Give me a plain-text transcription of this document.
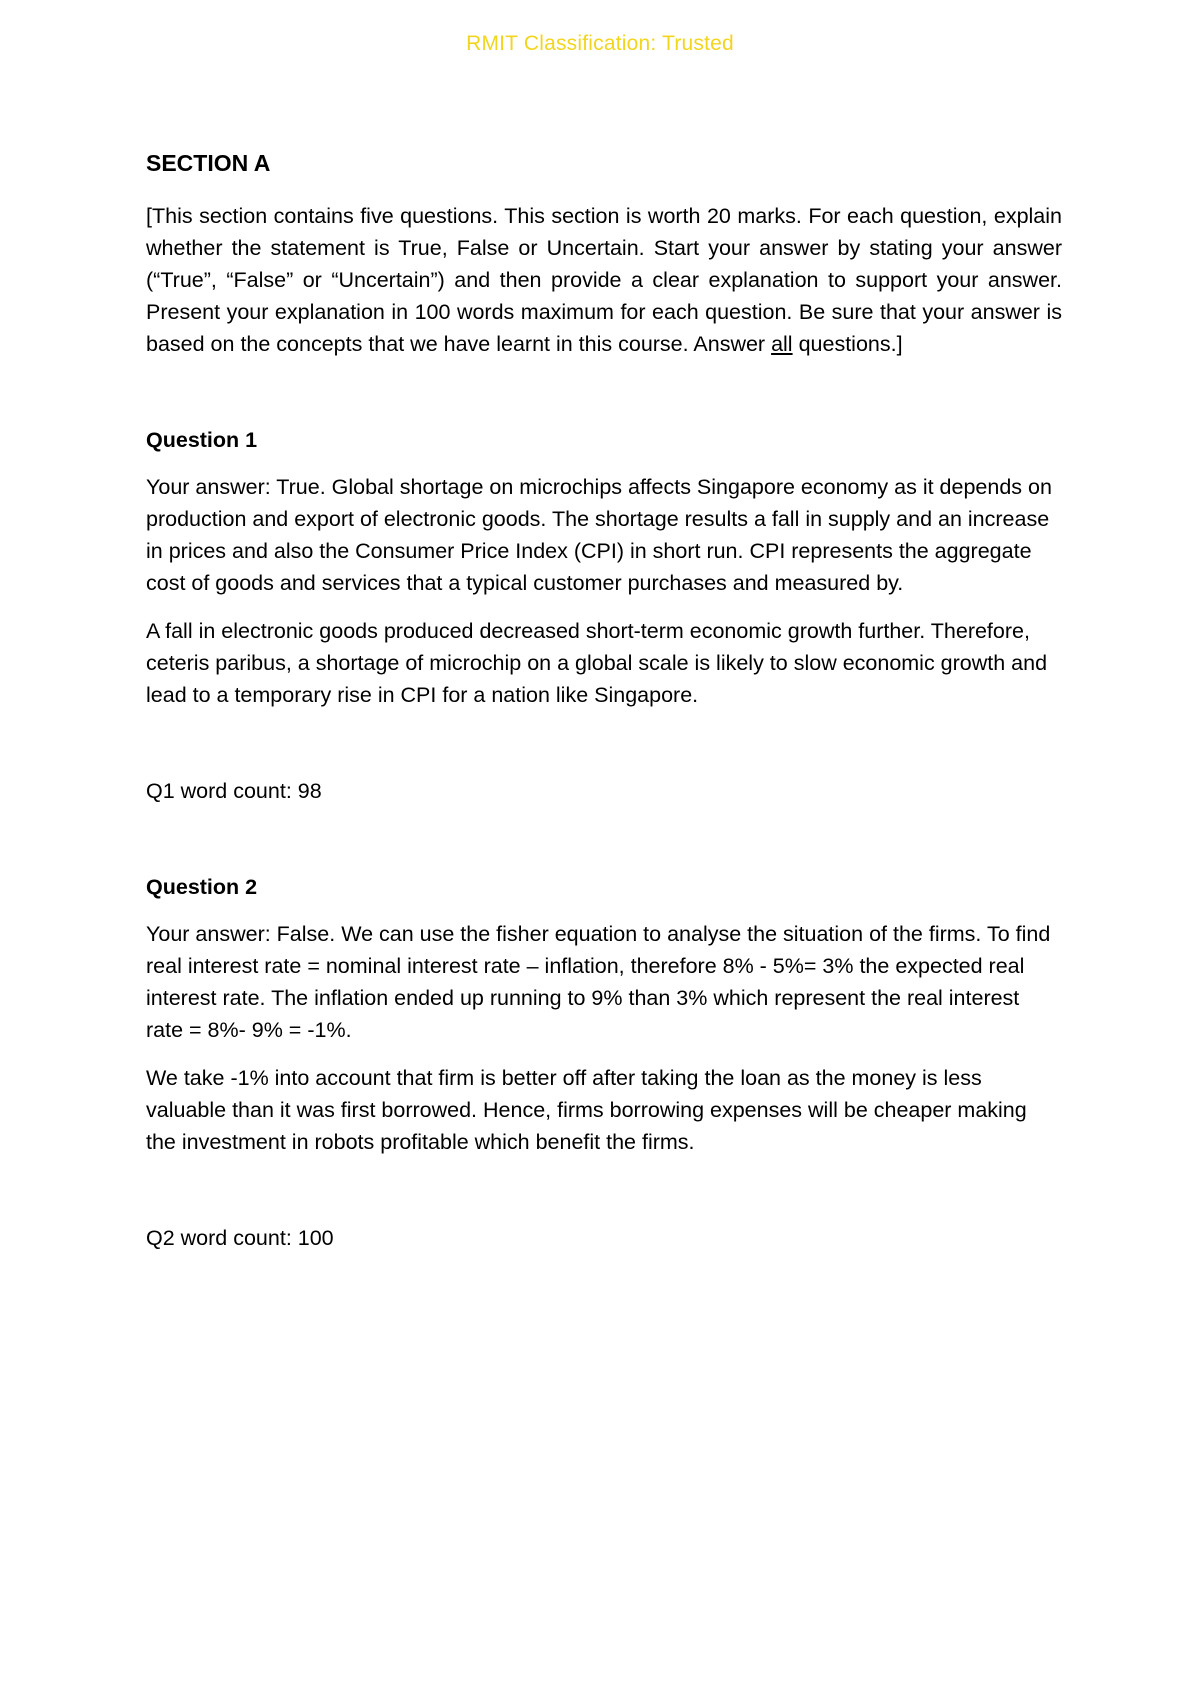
RMIT Classification: Trusted
SECTION A

[This section contains five questions. This section is worth 20 marks. For each question, explain whether the statement is True, False or Uncertain. Start your answer by stating your answer (“True”, “False” or “Uncertain”) and then provide a clear explanation to support your answer. Present your explanation in 100 words maximum for each question. Be sure that your answer is based on the concepts that we have learnt in this course. Answer all questions.]

Question 1

Your answer: True. Global shortage on microchips affects Singapore economy as it depends on production and export of electronic goods. The shortage results a fall in supply and an increase in prices and also the Consumer Price Index (CPI) in short run. CPI represents the aggregate cost of goods and services that a typical customer purchases and measured by.

A fall in electronic goods produced decreased short-term economic growth further. Therefore, ceteris paribus, a shortage of microchip on a global scale is likely to slow economic growth and lead to a temporary rise in CPI for a nation like Singapore.

Q1 word count: 98

Question 2

Your answer: False. We can use the fisher equation to analyse the situation of the firms. To find real interest rate = nominal interest rate – inflation, therefore 8% - 5%= 3% the expected real interest rate. The inflation ended up running to 9% than 3% which represent the real interest rate = 8%- 9% = -1%.

We take -1% into account that firm is better off after taking the loan as the money is less valuable than it was first borrowed. Hence, firms borrowing expenses will be cheaper making the investment in robots profitable which benefit the firms.

Q2 word count: 100
